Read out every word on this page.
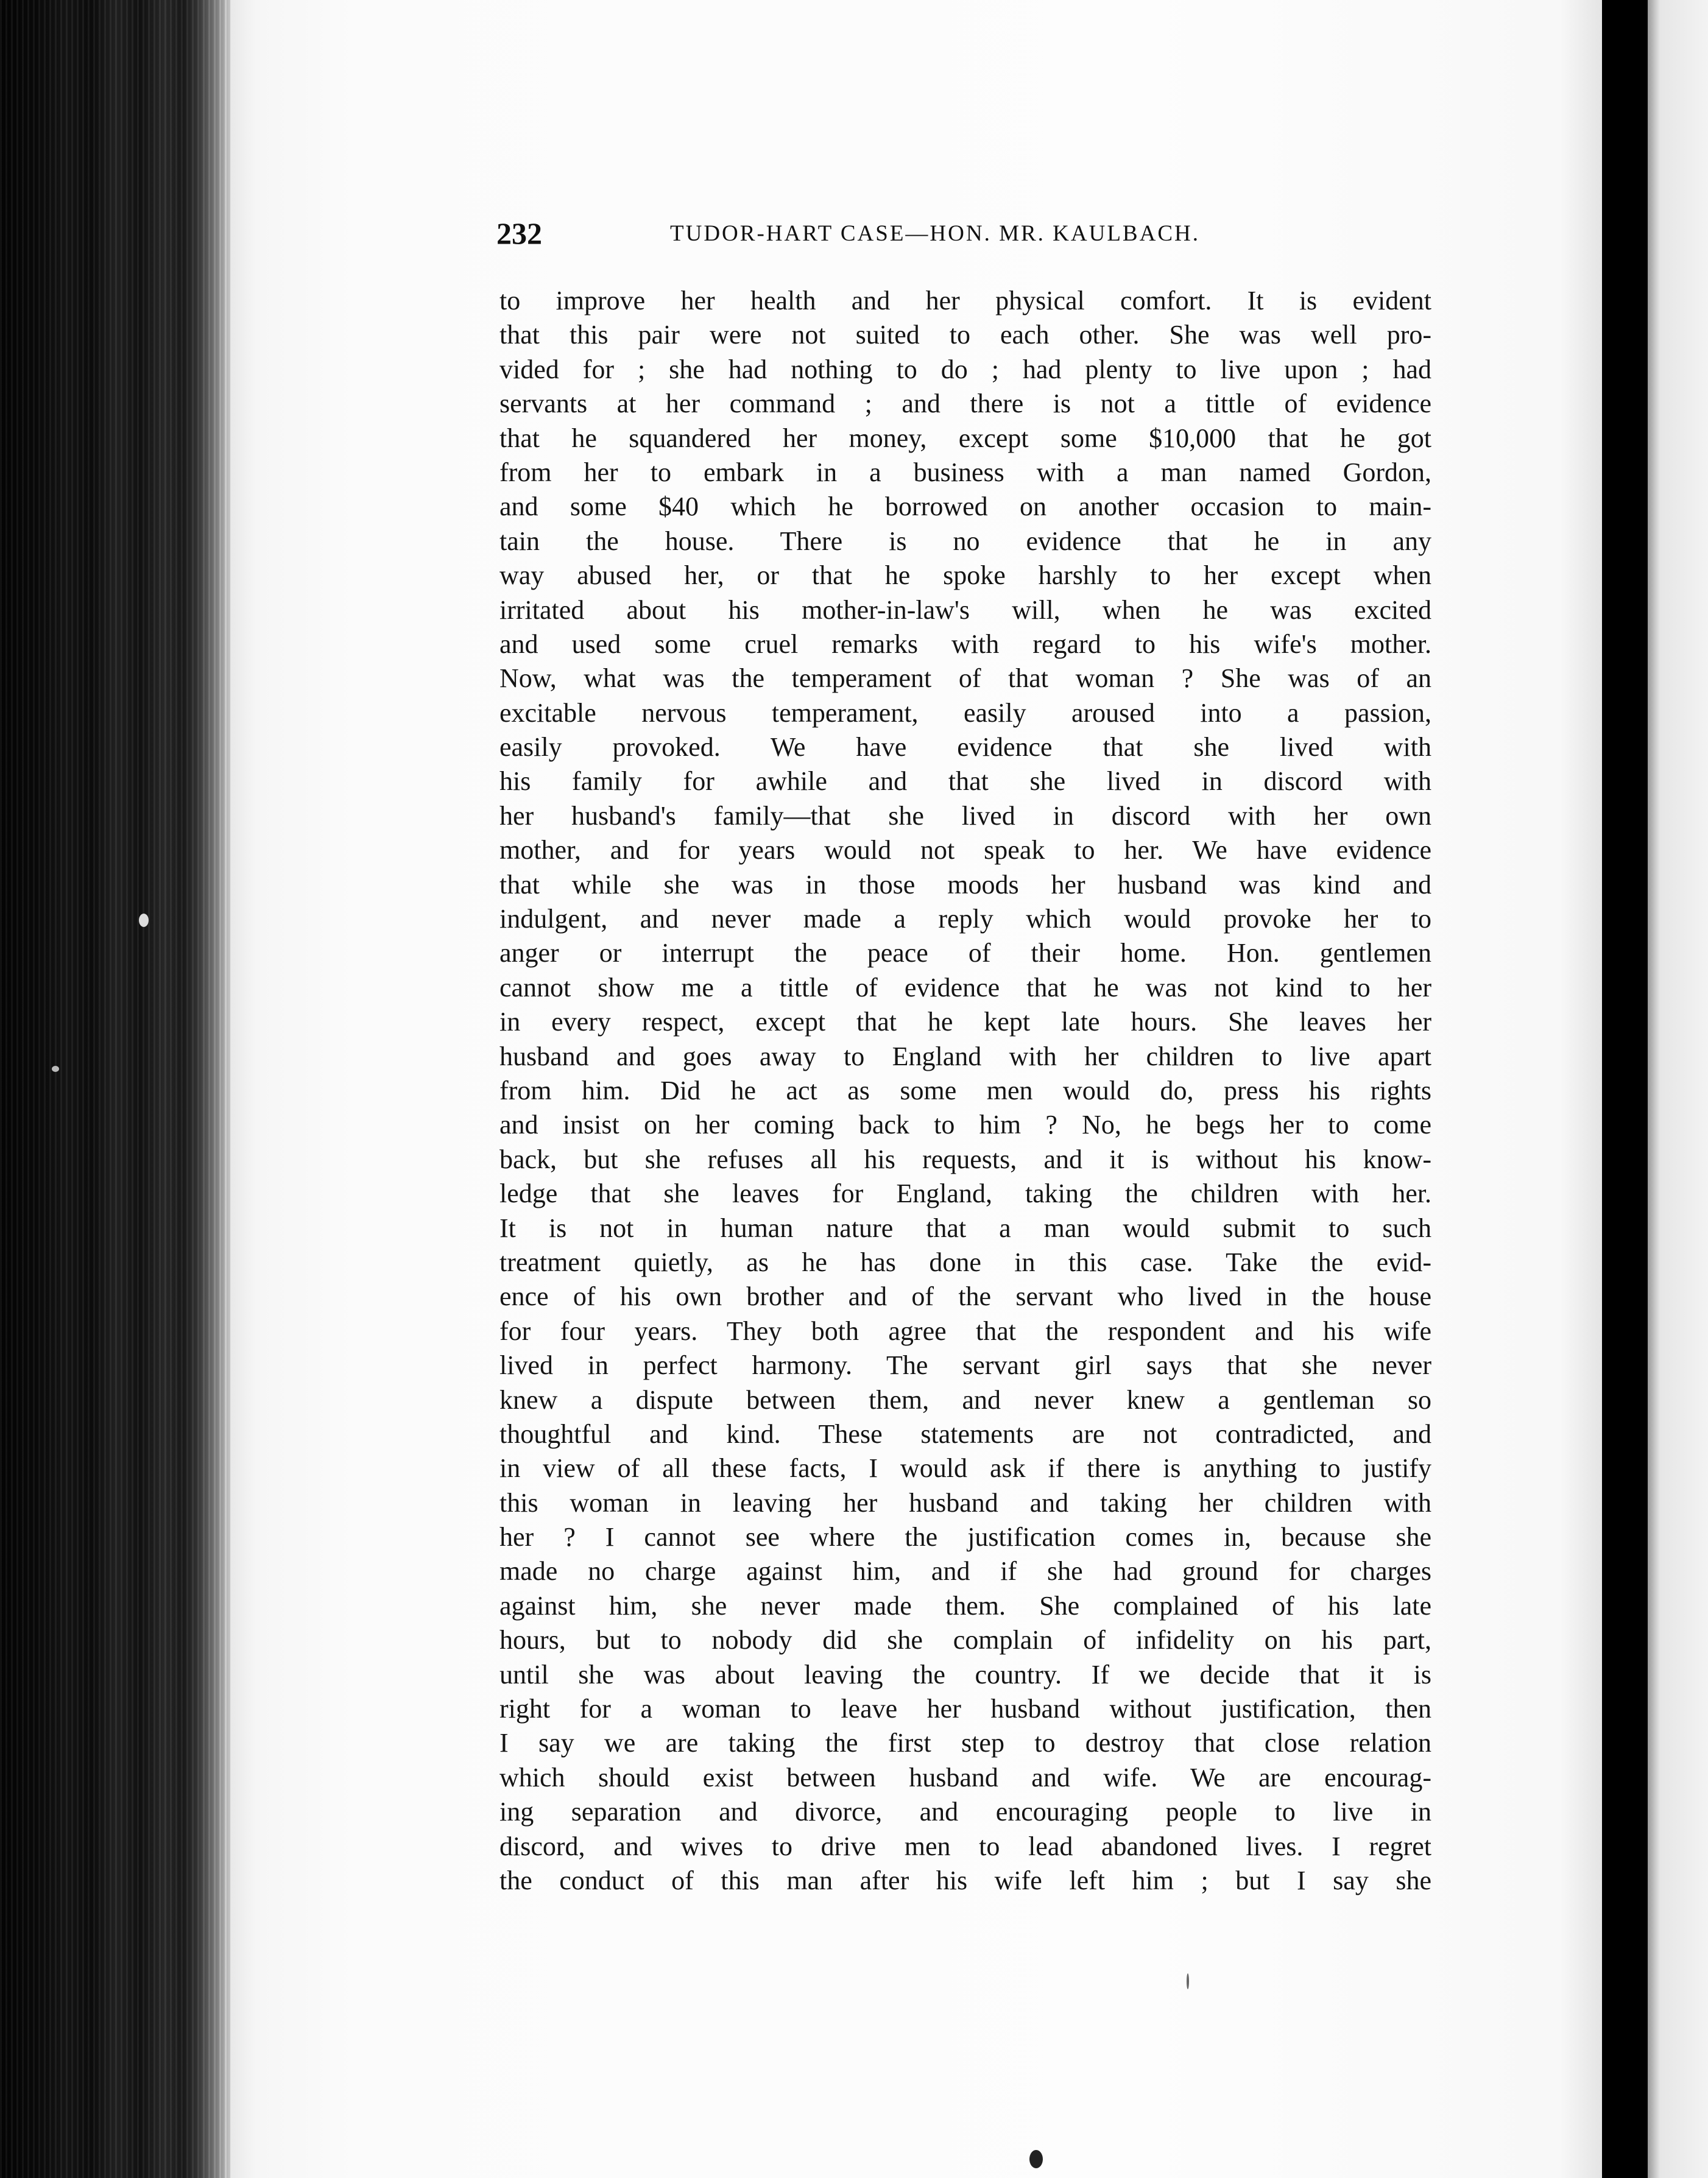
232	TUDOR-HART CASE—HON. MR. KAULBACH.
to improve her health and her physical comfort. It is evident
that this pair were not suited to each other. She was well pro-
vided for ; she had nothing to do ; had plenty to live upon ; had
servants at her command ; and there is not a tittle of evidence
that he squandered her money, except some $10,000 that he got
from her to embark in a business with a man named Gordon,
and some $40 which he borrowed on another occasion to main-
tain the house. There is no evidence that he in any
way abused her, or that he spoke harshly to her except when
irritated about his mother-in-law's will, when he was excited
and used some cruel remarks with regard to his wife's mother.
Now, what was the temperament of that woman ? She was of an
excitable nervous temperament, easily aroused into a passion,
easily provoked. We have evidence that she lived with
his family for awhile and that she lived in discord with
her husband's family—that she lived in discord with her own
mother, and for years would not speak to her. We have evidence
that while she was in those moods her husband was kind and
indulgent, and never made a reply which would provoke her to
anger or interrupt the peace of their home. Hon. gentlemen
cannot show me a tittle of evidence that he was not kind to her
in every respect, except that he kept late hours. She leaves her
husband and goes away to England with her children to live apart
from him. Did he act as some men would do, press his rights
and insist on her coming back to him ? No, he begs her to come
back, but she refuses all his requests, and it is without his know-
ledge that she leaves for England, taking the children with her.
It is not in human nature that a man would submit to such
treatment quietly, as he has done in this case. Take the evid-
ence of his own brother and of the servant who lived in the house
for four years. They both agree that the respondent and his wife
lived in perfect harmony. The servant girl says that she never
knew a dispute between them, and never knew a gentleman so
thoughtful and kind. These statements are not contradicted, and
in view of all these facts, I would ask if there is anything to justify
this woman in leaving her husband and taking her children with
her ? I cannot see where the justification comes in, because she
made no charge against him, and if she had ground for charges
against him, she never made them. She complained of his late
hours, but to nobody did she complain of infidelity on his part,
until she was about leaving the country. If we decide that it is
right for a woman to leave her husband without justification, then
I say we are taking the first step to destroy that close relation
which should exist between husband and wife. We are encourag-
ing separation and divorce, and encouraging people to live in
discord, and wives to drive men to lead abandoned lives. I regret
the conduct of this man after his wife left him ; but I say she
